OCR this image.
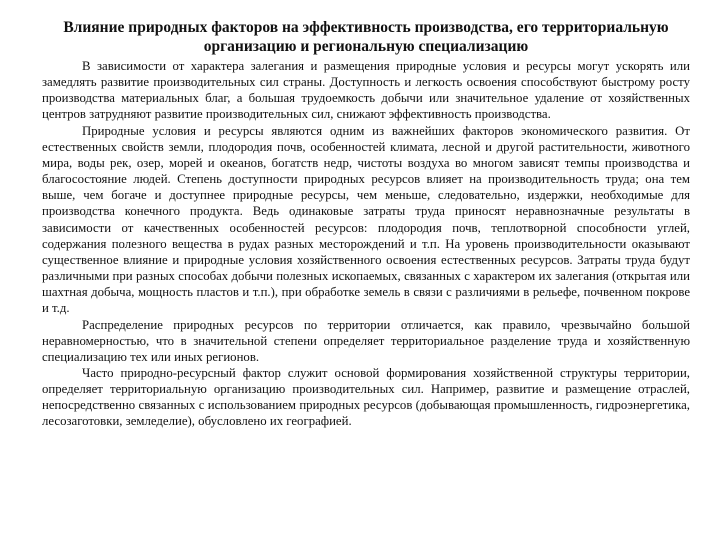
Влияние природных факторов на эффективность производства, его территориальную организацию и региональную специализацию

В зависимости от характера залегания и размещения природные условия и ресурсы могут ускорять или замедлять развитие производительных сил страны. Доступность и легкость освоения способствуют быстрому росту производства материальных благ, а большая трудоемкость добычи или значительное удаление от хозяйственных центров затрудняют развитие производительных сил, снижают эффективность производства.

Природные условия и ресурсы являются одним из важнейших факторов экономического развития. От естественных свойств земли, плодородия почв, особенностей климата, лесной и другой растительности, животного мира, воды рек, озер, морей и океанов, богатств недр, чистоты воздуха во многом зависят темпы производства и благосостояние людей. Степень доступности природных ресурсов влияет на производительность труда; она тем выше, чем богаче и доступнее природные ресурсы, чем меньше, следовательно, издержки, необходимые для производства конечного продукта. Ведь одинаковые затраты труда приносят неравнозначные результаты в зависимости от качественных особенностей ресурсов: плодородия почв, теплотворной способности углей, содержания полезного вещества в рудах разных месторождений и т.п. На уровень производительности оказывают существенное влияние и природные условия хозяйственного освоения естественных ресурсов. Затраты труда будут различными при разных способах добычи полезных ископаемых, связанных с характером их залегания (открытая или шахтная добыча, мощность пластов и т.п.), при обработке земель в связи с различиями в рельефе, почвенном покрове и т.д.

Распределение природных ресурсов по территории отличается, как правило, чрезвычайно большой неравномерностью, что в значительной степени определяет территориальное разделение труда и хозяйственную специализацию тех или иных регионов.

Часто природно-ресурсный фактор служит основой формирования хозяйственной структуры территории, определяет территориальную организацию производительных сил. Например, развитие и размещение отраслей, непосредственно связанных с использованием природных ресурсов (добывающая промышленность, гидроэнергетика, лесозаготовки, земледелие), обусловлено их географией.
